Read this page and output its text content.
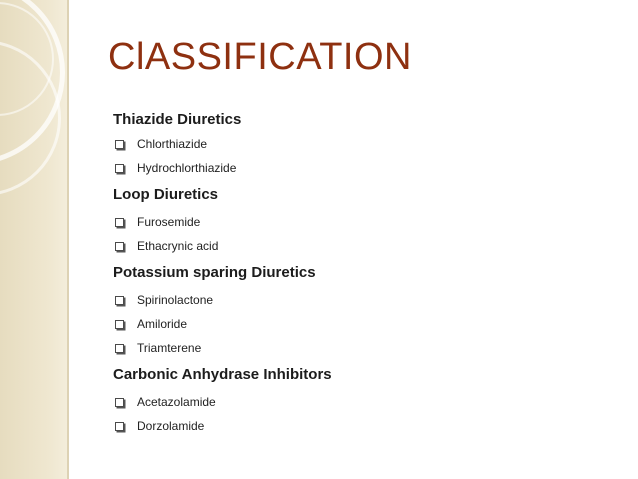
ClASSIFICATION
Thiazide Diuretics
Chlorthiazide
Hydrochlorthiazide
Loop Diuretics
Furosemide
Ethacrynic acid
Potassium sparing Diuretics
Spirinolactone
Amiloride
Triamterene
Carbonic Anhydrase Inhibitors
Acetazolamide
Dorzolamide
